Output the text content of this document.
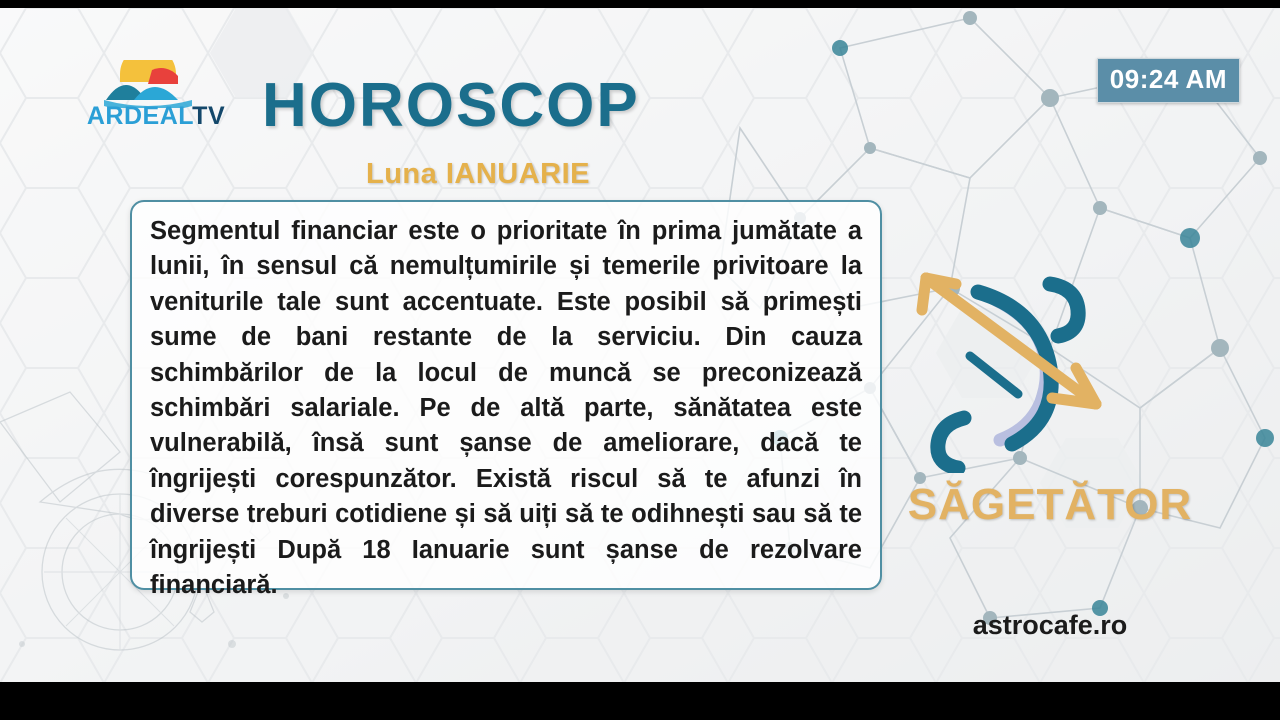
ARDEALTV HOROSCOP
Luna IANUARIE
09:24 AM

Segmentul financiar este o prioritate în prima jumătate a lunii, în sensul că nemulțumirile și temerile privitoare la veniturile tale sunt accentuate. Este posibil să primești sume de bani restante de la serviciu. Din cauza schimbărilor de la locul de muncă se preconizează schimbări salariale. Pe de altă parte, sănătatea este vulnerabilă, însă sunt șanse de ameliorare, dacă te îngrijești corespunzător. Există riscul să te afunzi în diverse treburi cotidiene și să uiți să te odihnești sau să te îngrijești După 18 Ianuarie sunt șanse de rezolvare financiară.

SĂGETĂTOR
astrocafe.ro
